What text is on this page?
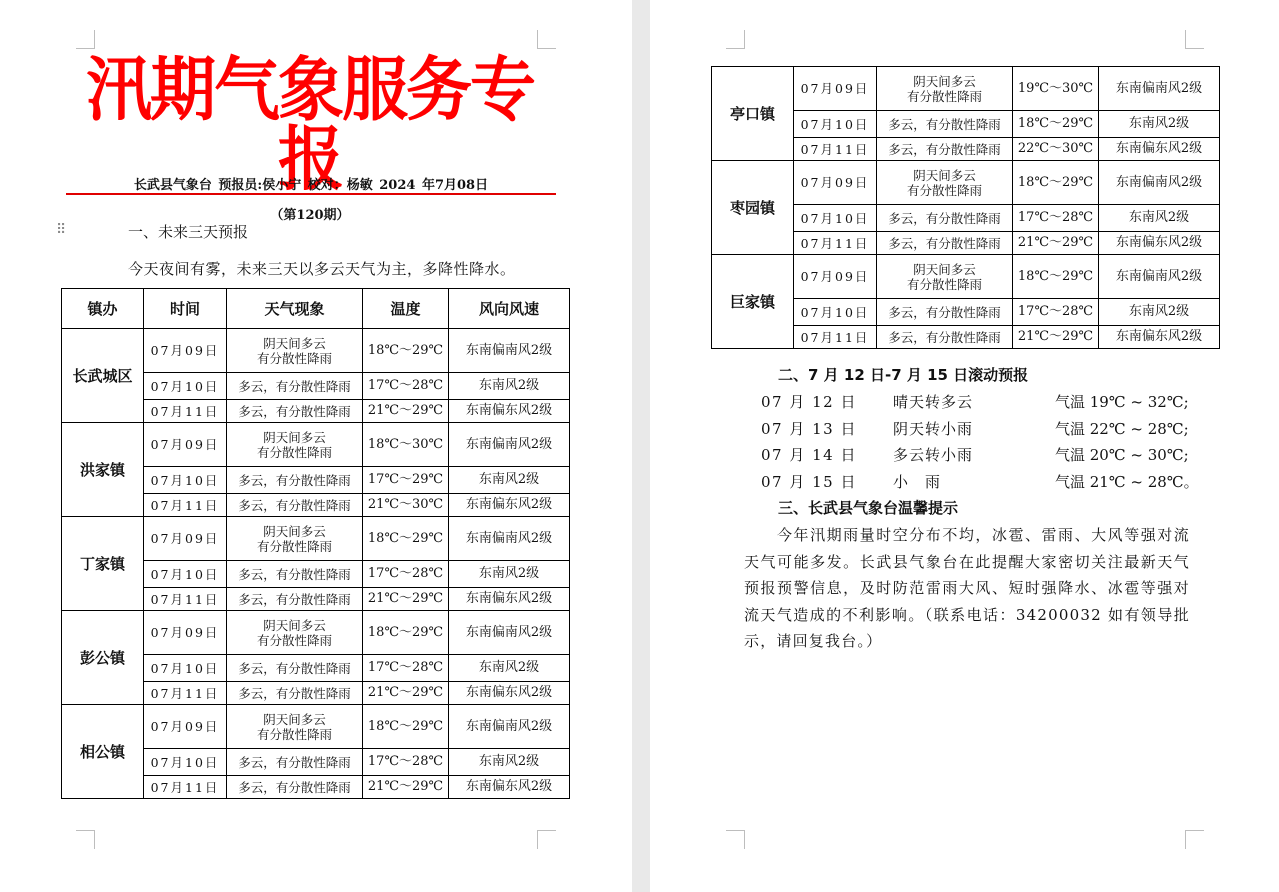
汛期气象服务专报
长武县气象台 预报员:侯小宁 校对：杨敏 2024 年7月08日
（第120期）
⠿	一、未来三天预报
今天夜间有雾，未来三天以多云天气为主，多降性降水。
镇办	时间	天气现象	温度	风向风速
长武城区	07月09日	阴天间多云
有分散性降雨	18℃～29℃	东南偏南风2级
	07月10日	多云，有分散性降雨	17℃～28℃	东南风2级
	07月11日	多云，有分散性降雨	21℃～29℃	东南偏东风2级
洪家镇	07月09日	阴天间多云
有分散性降雨	18℃～30℃	东南偏南风2级
	07月10日	多云，有分散性降雨	17℃～29℃	东南风2级
	07月11日	多云，有分散性降雨	21℃～30℃	东南偏东风2级
丁家镇	07月09日	阴天间多云
有分散性降雨	18℃～29℃	东南偏南风2级
	07月10日	多云，有分散性降雨	17℃～28℃	东南风2级
	07月11日	多云，有分散性降雨	21℃～29℃	东南偏东风2级
彭公镇	07月09日	阴天间多云
有分散性降雨	18℃～29℃	东南偏南风2级
	07月10日	多云，有分散性降雨	17℃～28℃	东南风2级
	07月11日	多云，有分散性降雨	21℃～29℃	东南偏东风2级
相公镇	07月09日	阴天间多云
有分散性降雨	18℃～29℃	东南偏南风2级
	07月10日	多云，有分散性降雨	17℃～28℃	东南风2级
	07月11日	多云，有分散性降雨	21℃～29℃	东南偏东风2级
亭口镇	07月09日	阴天间多云
有分散性降雨	19℃～30℃	东南偏南风2级
	07月10日	多云，有分散性降雨	18℃～29℃	东南风2级
	07月11日	多云，有分散性降雨	22℃～30℃	东南偏东风2级
枣园镇	07月09日	阴天间多云
有分散性降雨	18℃～29℃	东南偏南风2级
	07月10日	多云，有分散性降雨	17℃～28℃	东南风2级
	07月11日	多云，有分散性降雨	21℃～29℃	东南偏东风2级
巨家镇	07月09日	阴天间多云
有分散性降雨	18℃～29℃	东南偏南风2级
	07月10日	多云，有分散性降雨	17℃～28℃	东南风2级
	07月11日	多云，有分散性降雨	21℃～29℃	东南偏东风2级
二、7 月 12 日-7 月 15 日滚动预报
07 月 12 日 晴天转多云	气温 19℃ ~ 32℃;
07 月 13 日 阴天转小雨	气温 22℃ ~ 28℃;
07 月 14 日 多云转小雨	气温 20℃ ~ 30℃;
07 月 15 日 小　雨	气温 21℃ ~ 28℃。
三、长武县气象台温馨提示
今年汛期雨量时空分布不均，冰雹、雷雨、大风等强对流天气可能多发。长武县气象台在此提醒大家密切关注最新天气预报预警信息，及时防范雷雨大风、短时强降水、冰雹等强对流天气造成的不利影响。（联系电话：34200032 如有领导批示，请回复我台。）
